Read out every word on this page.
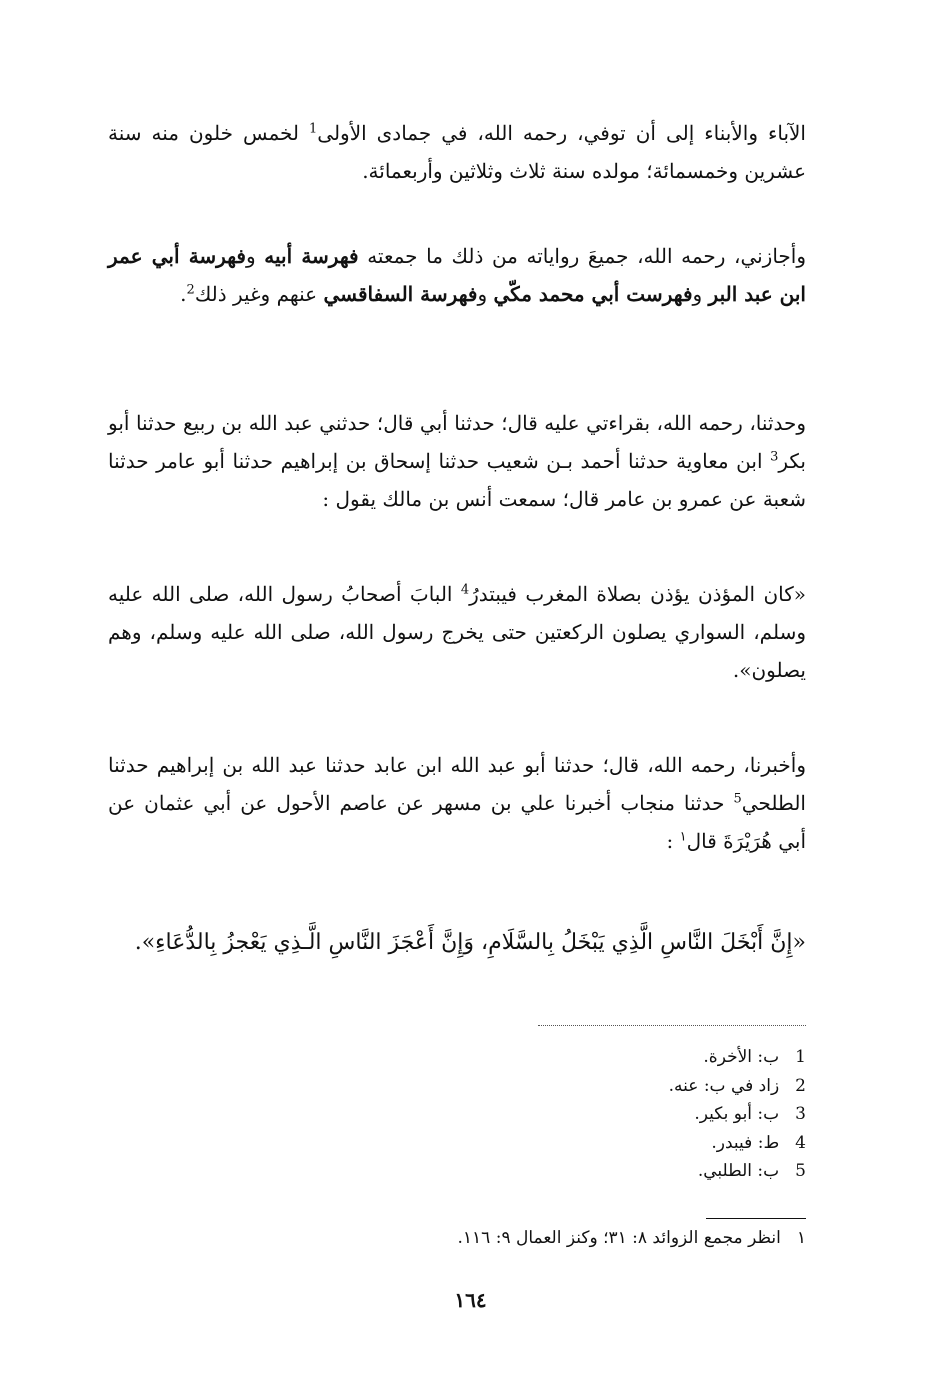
الآباء والأبناء إلى أن توفي، رحمه الله، في جمادى الأولى$^1$ لخمس خلون منه سنة عشرين وخمسمائة؛ مولده سنة ثلاث وثلاثين وأربعمائة.

وأجازني، رحمه الله، جميعَ رواياته من ذلك ما جمعته فهرسة أبيه وفهرسة أبي عمر ابن عبد البر وفهرست أبي محمد مكّي وفهرسة السفاقسي عنهم وغير ذلك$^2$.

وحدثنا، رحمه الله، بقراءتي عليه قال؛ حدثنا أبي قال؛ حدثني عبد الله بن ربيع حدثنا أبو بكر$^3$ ابن معاوية حدثنا أحمد بـن شعيب حدثنا إسحاق بن إبراهيم حدثنا أبو عامر حدثنا شعبة عن عمرو بن عامر قال؛ سمعت أنس بن مالك يقول :

«كان المؤذن يؤذن بصلاة المغرب فيبتدرُ$^4$ البابَ أصحابُ رسول الله، صلى الله عليه وسلم، السواري يصلون الركعتين حتى يخرج رسول الله، صلى الله عليه وسلم، وهم يصلون».

وأخبرنا، رحمه الله، قال؛ حدثنا أبو عبد الله ابن عابد حدثنا عبد الله بن إبراهيم حدثنا الطلحي$^5$ حدثنا منجاب أخبرنا علي بن مسهر عن عاصم الأحول عن أبي عثمان عن أبي هُرَيْرَةَ قال$^١$ :

«إِنَّ أَبْخَلَ النَّاسِ الَّذِي يَبْخَلُ بِالسَّلَامِ، وَإِنَّ أَعْجَزَ النَّاسِ الَّـذِي يَعْجزُ بِالدُّعَاءِ».

1
ب: الأخرة.
2
زاد في ب: عنه.
3
ب: أبو بكير.
4
ط: فيبدر.
5
ب: الطلبي.

١
انظر مجمع الزوائد ٨: ٣١؛ وكنز العمال ٩: ١١٦.

١٦٤
